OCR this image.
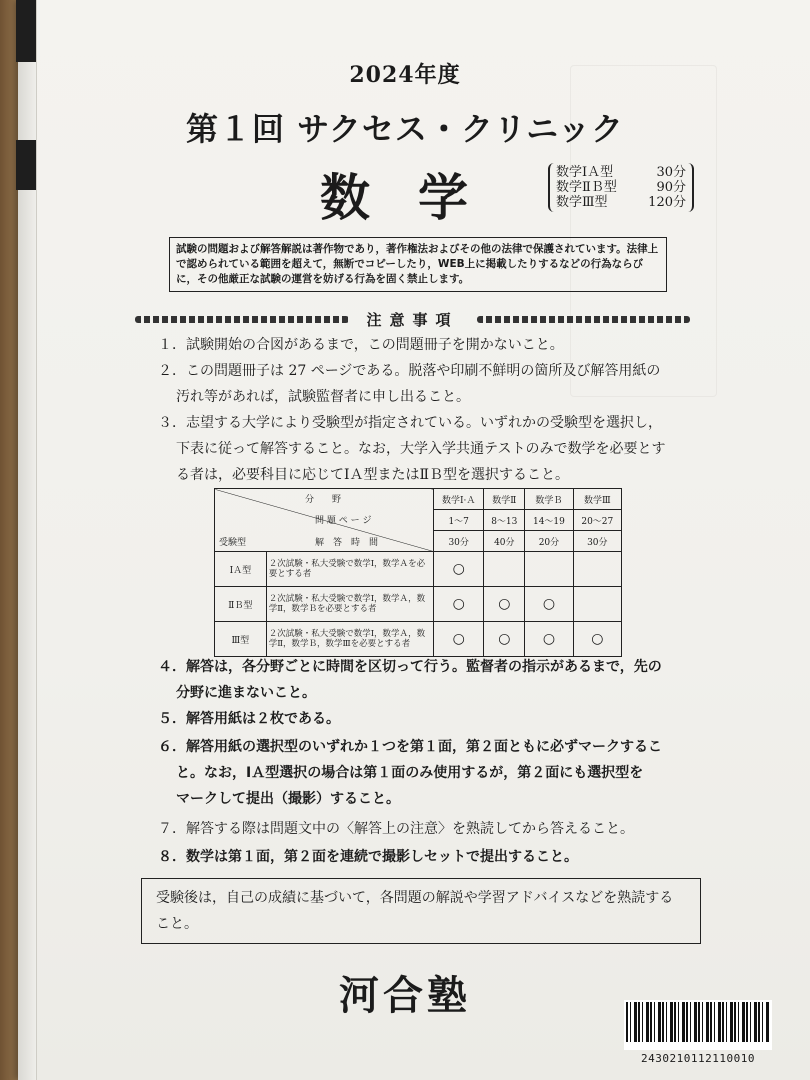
2024年度
第１回 サクセス・クリニック
数学	数学ⅠＡ型	30分
数学ⅡＢ型	90分
数学Ⅲ型	120分
試験の問題および解答解説は著作物であり，著作権法およびその他の法律で保護されています。法律上で認められている範囲を超えて，無断でコピーしたり，WEB上に掲載したりするなどの行為ならびに，その他厳正な試験の運営を妨げる行為を固く禁止します。
注意事項
１．試験開始の合図があるまで，この問題冊子を開かないこと。
２．この問題冊子は 27 ページである。脱落や印刷不鮮明の箇所及び解答用紙の
汚れ等があれば，試験監督者に申し出ること。
３．志望する大学により受験型が指定されている。いずれかの受験型を選択し，
下表に従って解答すること。なお，大学入学共通テストのみで数学を必要とす
る者は，必要科目に応じてⅠＡ型またはⅡＢ型を選択すること。
分　　野
問 題 ペ ー ジ
解　答　時　間
受験型		数学Ⅰ·Ａ	数学Ⅱ	数学Ｂ	数学Ⅲ
		1～7	8～13	14～19	20～27
		30分	40分	20分	30分
ⅠＡ型	２次試験・私大受験で数学Ⅰ，数学Ａを必要とする者	○			
ⅡＢ型	２次試験・私大受験で数学Ⅰ，数学Ａ，数学Ⅱ，数学Ｂを必要とする者	○	○	○	
Ⅲ型	２次試験・私大受験で数学Ⅰ，数学Ａ，数学Ⅱ，数学Ｂ，数学Ⅲを必要とする者	○	○	○	○
４．解答は，各分野ごとに時間を区切って行う。監督者の指示があるまで，先の
分野に進まないこと。
５．解答用紙は２枚である。
６．解答用紙の選択型のいずれか１つを第１面，第２面ともに必ずマークするこ
と。なお，ⅠＡ型選択の場合は第１面のみ使用するが，第２面にも選択型を
マークして提出（撮影）すること。
７．解答する際は問題文中の〈解答上の注意〉を熟読してから答えること。
８．数学は第１面，第２面を連続で撮影しセットで提出すること。
受験後は，自己の成績に基づいて，各問題の解説や学習アドバイスなどを熟読すること。
河合塾
2430210112110010
